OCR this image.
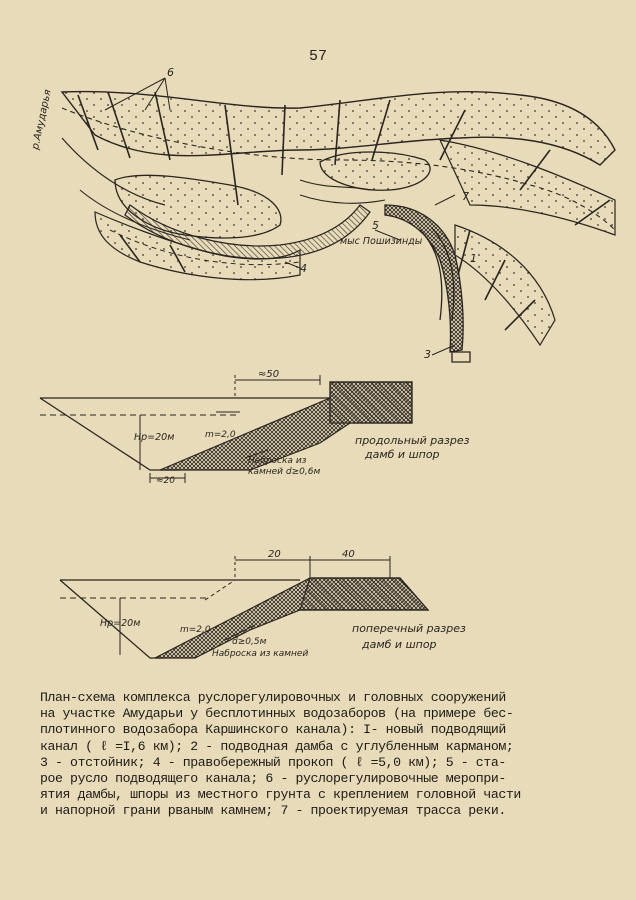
57
р.Амударья
мыс Пошизинды
6
7
4
5
1
3
≈50
≈20
Hр=20м	m=2,0
Наброска из
камней d≥0,6м
продольный разрез
дамб и шпор
20	40
Hр=20м
m=2,0
d≥0,5м
Наброска из камней
поперечный разрез
дамб и шпор
План-схема комплекса руслорегулировочных и головных сооружений
на участке Амударьи у бесплотинных водозаборов (на примере бес-
плотинного водозабора Каршинского канала): I- новый подводящий
канал ( ℓ =I,6 км); 2 - подводная дамба с углубленным карманом;
3 - отстойник; 4 - правобережный прокоп ( ℓ =5,0 км); 5 - ста-
рое русло подводящего канала; 6 - руслорегулировочные меропри-
ятия дамбы, шпоры из местного грунта с креплением головной части
и напорной грани рваным камнем; 7 - проектируемая трасса реки.
